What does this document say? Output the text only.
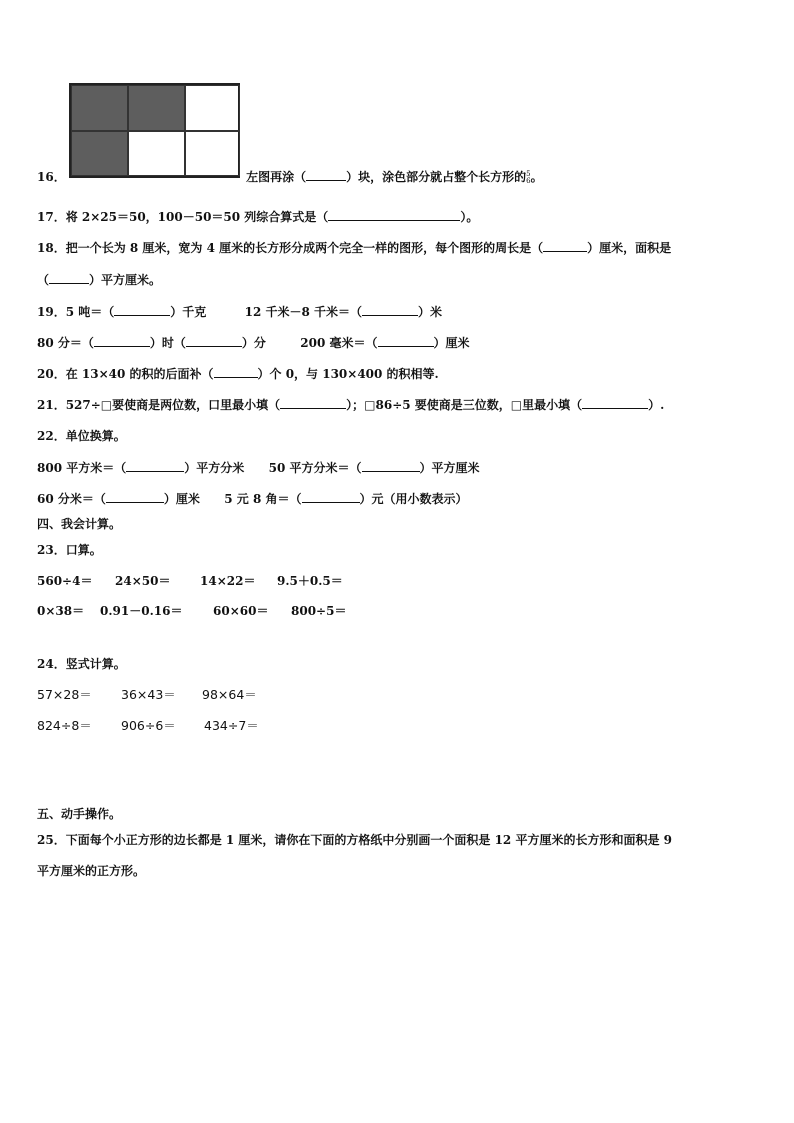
16．	左图再涂（	）块，涂色部分就占整个长方形的5
6。
17．将 2×25＝50，100－50＝50 列综合算式是（	）。
18．把一个长为 8 厘米，宽为 4 厘米的长方形分成两个完全一样的图形，每个图形的周长是（	）厘米，面积是
（	）平方厘米。
19．5 吨＝（	）千克	12 千米－8 千米＝（	）米
80 分＝（	）时（	）分	200 毫米＝（	）厘米
20．在 13×40 的积的后面补（	）个 0，与 130×400 的积相等.
21．527÷□要使商是两位数，口里最小填（	）；□86÷5 要使商是三位数，□里最小填（	）.
22．单位换算。
800 平方米＝（	）平方分米 50 平方分米＝（	）平方厘米
60 分米＝（	）厘米 5 元 8 角＝（	）元（用小数表示）
四、我会计算。
23．口算。
560÷4＝ 24×50＝ 14×22＝ 9.5＋0.5＝
0×38＝ 0.91－0.16＝	60×60＝ 800÷5＝
24．竖式计算。
57×28＝ 36×43＝ 98×64＝
824÷8＝ 906÷6＝ 434÷7＝
五、动手操作。
25．下面每个小正方形的边长都是 1 厘米，请你在下面的方格纸中分别画一个面积是 12 平方厘米的长方形和面积是 9
平方厘米的正方形。
